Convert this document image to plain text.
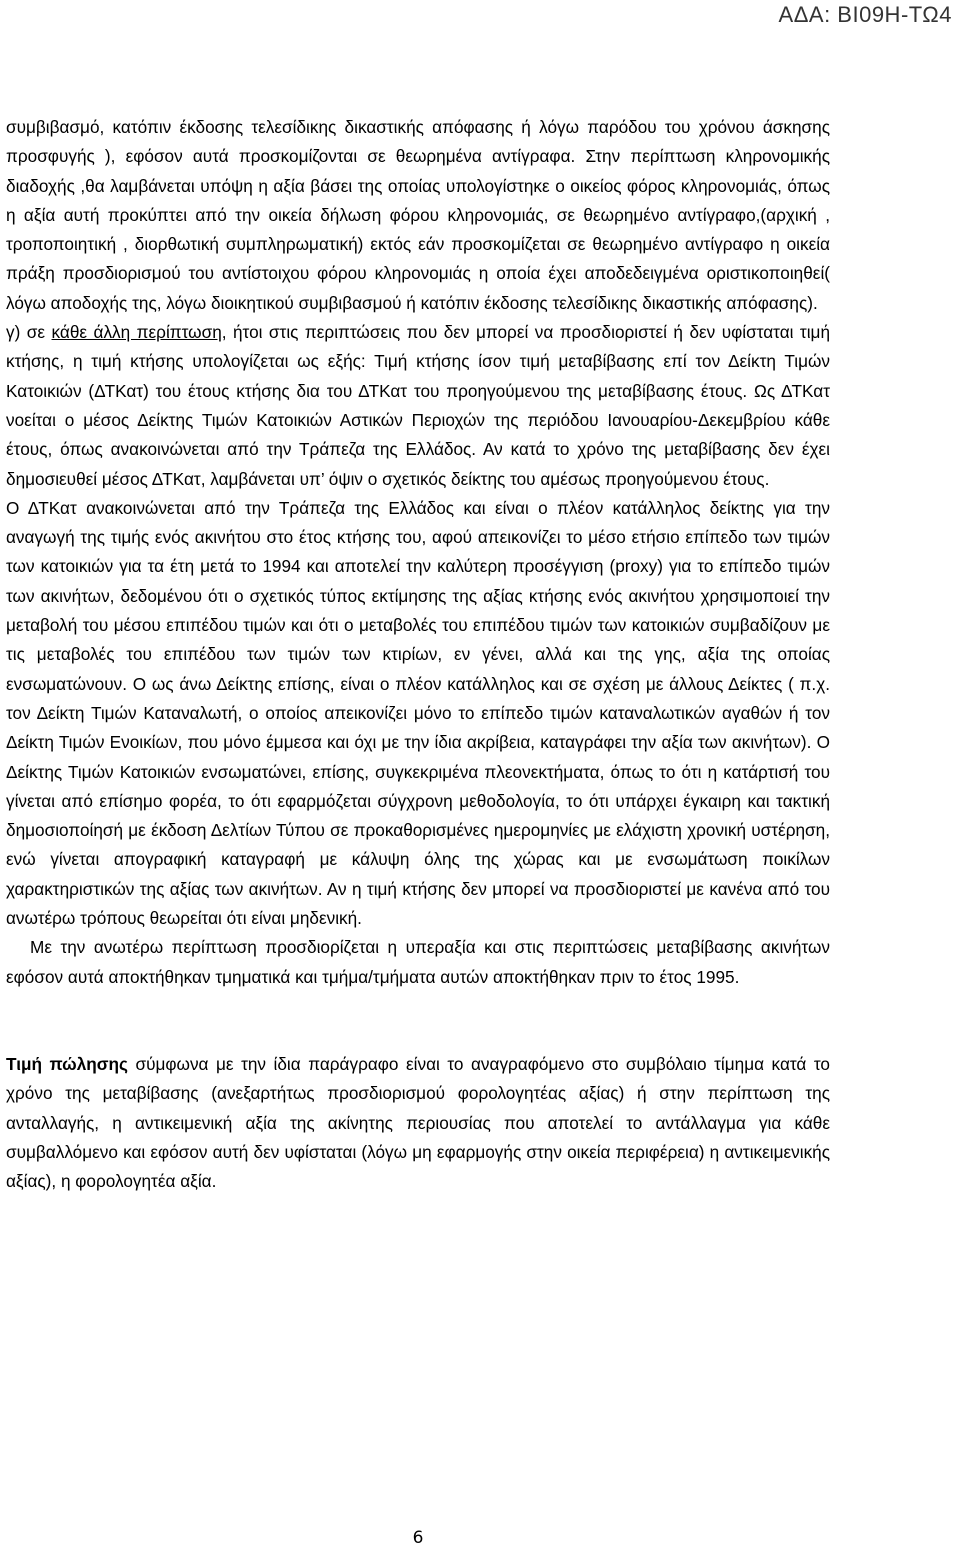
ΑΔΑ: ΒΙ09Η-ΤΩ4

συμβιβασμό, κατόπιν έκδοσης τελεσίδικης δικαστικής απόφασης ή λόγω παρόδου του χρόνου άσκησης προσφυγής ), εφόσον αυτά προσκομίζονται σε θεωρημένα αντίγραφα. Στην περίπτωση κληρονομικής διαδοχής ,θα λαμβάνεται υπόψη η αξία βάσει της οποίας υπολογίστηκε ο οικείος φόρος κληρονομιάς, όπως η αξία αυτή προκύπτει από την οικεία δήλωση φόρου κληρονομιάς, σε θεωρημένο αντίγραφο,(αρχική , τροποποιητική , διορθωτική συμπληρωματική) εκτός εάν προσκομίζεται σε θεωρημένο αντίγραφο η οικεία πράξη προσδιορισμού του αντίστοιχου φόρου κληρονομιάς η οποία έχει αποδεδειγμένα οριστικοποιηθεί( λόγω αποδοχής της, λόγω διοικητικού συμβιβασμού ή κατόπιν έκδοσης τελεσίδικης δικαστικής απόφασης).

γ) σε κάθε άλλη περίπτωση, ήτοι στις περιπτώσεις που δεν μπορεί να προσδιοριστεί ή δεν υφίσταται τιμή κτήσης, η τιμή κτήσης υπολογίζεται ως εξής: Τιμή κτήσης ίσον τιμή μεταβίβασης επί τον Δείκτη Τιμών Κατοικιών (ΔΤΚατ) του έτους κτήσης δια του ΔΤΚατ του προηγούμενου της μεταβίβασης έτους. Ως ΔΤΚατ νοείται ο μέσος Δείκτης Τιμών Κατοικιών Αστικών Περιοχών της περιόδου Ιανουαρίου-Δεκεμβρίου κάθε έτους, όπως ανακοινώνεται από την Τράπεζα της Ελλάδος. Αν κατά το χρόνο της μεταβίβασης δεν έχει δημοσιευθεί μέσος ΔΤΚατ, λαμβάνεται υπ’ όψιν ο σχετικός δείκτης του αμέσως προηγούμενου έτους.

Ο ΔΤΚατ ανακοινώνεται από την Τράπεζα της Ελλάδος και είναι ο πλέον κατάλληλος δείκτης για την αναγωγή της τιμής ενός ακινήτου στο έτος κτήσης του, αφού απεικονίζει το μέσο ετήσιο επίπεδο των τιμών των κατοικιών για τα έτη μετά το 1994 και αποτελεί την καλύτερη προσέγγιση (proxy) για το επίπεδο τιμών των ακινήτων, δεδομένου ότι ο σχετικός τύπος εκτίμησης της αξίας κτήσης ενός ακινήτου χρησιμοποιεί την μεταβολή του μέσου επιπέδου τιμών και ότι ο μεταβολές του επιπέδου τιμών των κατοικιών συμβαδίζουν με τις μεταβολές του επιπέδου των τιμών των κτιρίων, εν γένει, αλλά και της γης, αξία της οποίας ενσωματώνουν. Ο ως άνω Δείκτης επίσης, είναι ο πλέον κατάλληλος και σε σχέση με άλλους Δείκτες ( π.χ. τον Δείκτη Τιμών Καταναλωτή, ο οποίος απεικονίζει μόνο το επίπεδο τιμών καταναλωτικών αγαθών ή τον Δείκτη Τιμών Ενοικίων, που μόνο έμμεσα και όχι με την ίδια ακρίβεια, καταγράφει την αξία των ακινήτων). Ο Δείκτης Τιμών Κατοικιών ενσωματώνει, επίσης, συγκεκριμένα πλεονεκτήματα, όπως το ότι η κατάρτισή του γίνεται από επίσημο φορέα, το ότι εφαρμόζεται σύγχρονη μεθοδολογία, το ότι υπάρχει έγκαιρη και τακτική δημοσιοποίησή με έκδοση Δελτίων Τύπου σε προκαθορισμένες ημερομηνίες με ελάχιστη χρονική υστέρηση, ενώ γίνεται απογραφική καταγραφή με κάλυψη όλης της χώρας και με ενσωμάτωση ποικίλων χαρακτηριστικών της αξίας των ακινήτων. Αν η τιμή κτήσης δεν μπορεί να προσδιοριστεί με κανένα από του ανωτέρω τρόπους θεωρείται ότι είναι μηδενική.

Με την ανωτέρω περίπτωση προσδιορίζεται η υπεραξία και στις περιπτώσεις μεταβίβασης ακινήτων εφόσον αυτά αποκτήθηκαν τμηματικά και τμήμα/τμήματα αυτών αποκτήθηκαν πριν το έτος 1995.

Τιμή πώλησης σύμφωνα με την ίδια παράγραφο είναι το αναγραφόμενο στο συμβόλαιο τίμημα κατά το χρόνο της μεταβίβασης (ανεξαρτήτως προσδιορισμού φορολογητέας αξίας) ή στην περίπτωση της ανταλλαγής, η αντικειμενική αξία της ακίνητης περιουσίας που αποτελεί το αντάλλαγμα για κάθε συμβαλλόμενο και εφόσον αυτή δεν υφίσταται (λόγω μη εφαρμογής στην οικεία περιφέρεια) η αντικειμενικής αξίας), η φορολογητέα αξία.

6
